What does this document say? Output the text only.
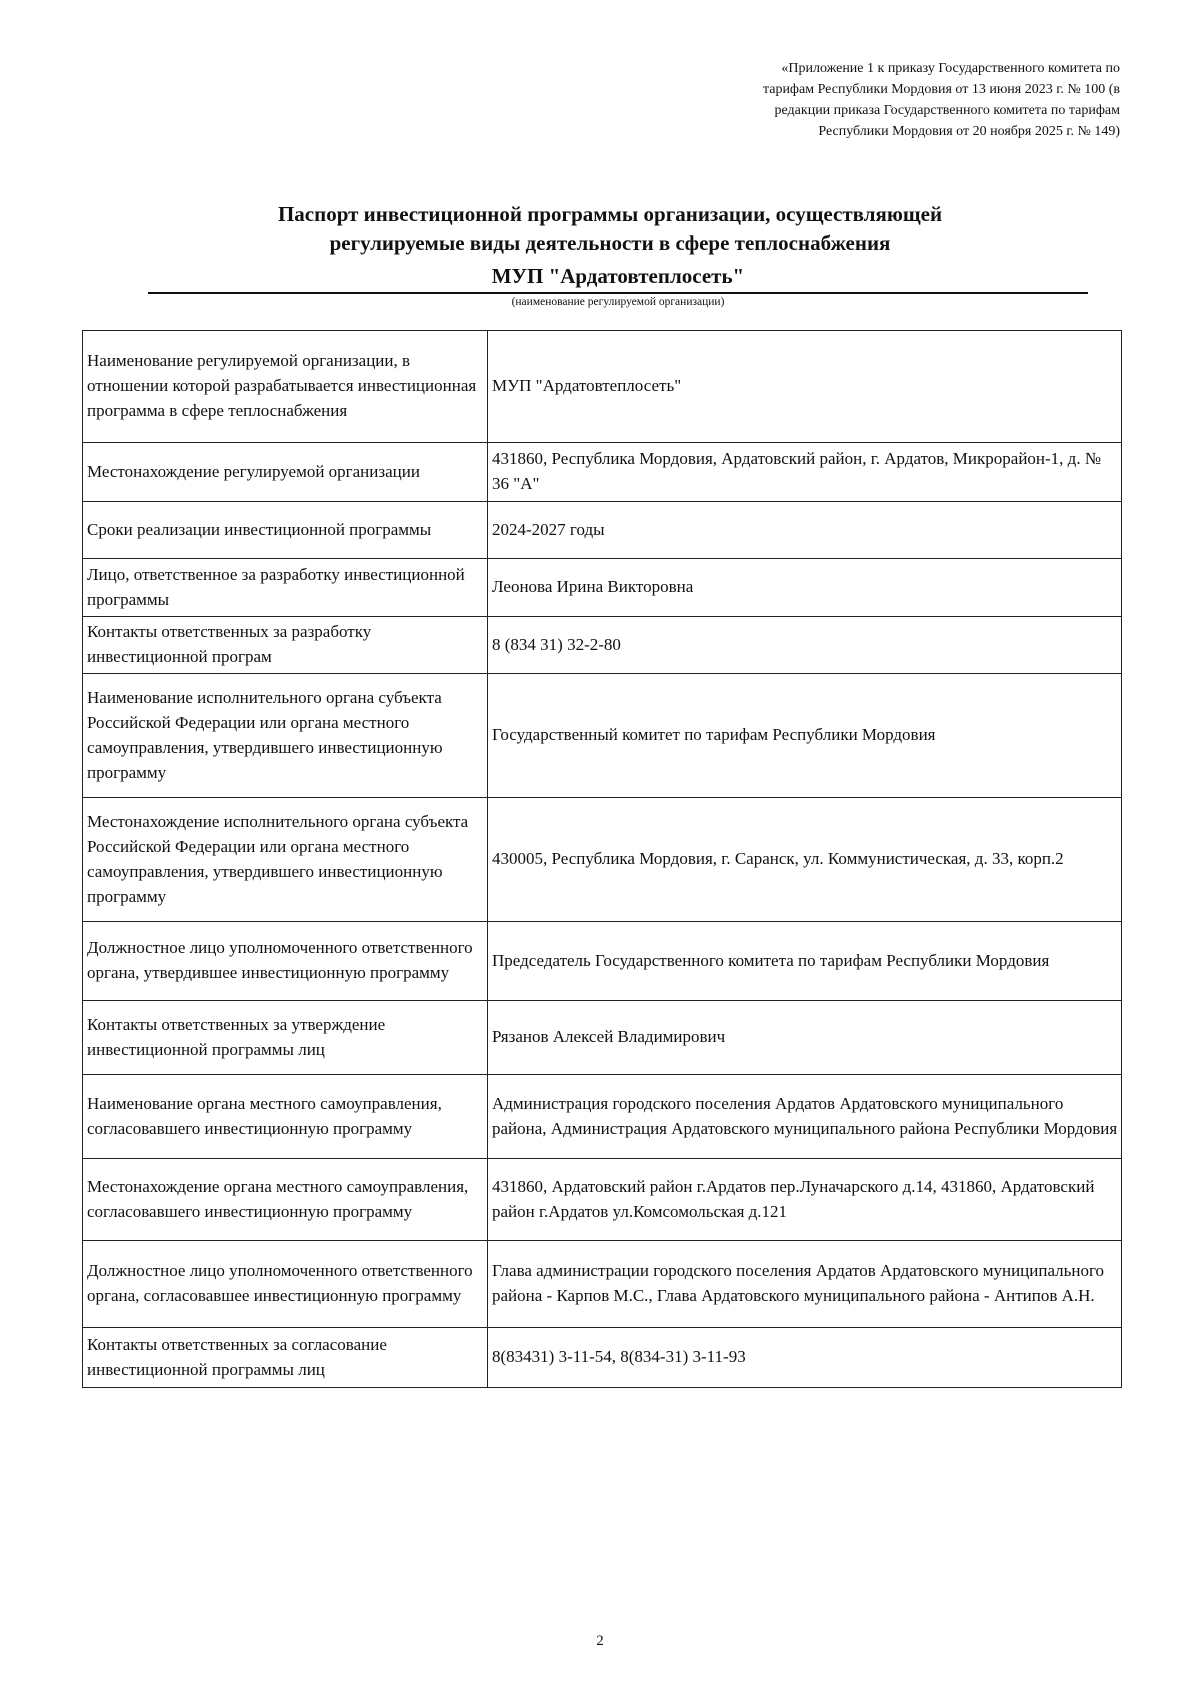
«Приложение 1 к приказу Государственного комитета по
тарифам Республики Мордовия от 13 июня 2023 г. № 100 (в
редакции приказа Государственного комитета по тарифам
Республики Мордовия от 20 ноября 2025 г. № 149)
Паспорт инвестиционной программы организации, осуществляющей
регулируемые виды деятельности в сфере теплоснабжения
МУП "Ардатовтеплосеть"
(наименование регулируемой организации)
Наименование регулируемой организации, в отношении которой разрабатывается инвестиционная программа в сфере теплоснабжения	МУП "Ардатовтеплосеть"
Местонахождение регулируемой организации	431860, Республика Мордовия, Ардатовский район, г. Ардатов, Микрорайон-1, д. № 36 "А"
Сроки реализации инвестиционной программы	2024-2027 годы
Лицо, ответственное за разработку инвестиционной программы	Леонова Ирина Викторовна
Контакты ответственных за разработку инвестиционной програм	8 (834 31) 32-2-80
Наименование исполнительного органа субъекта Российской Федерации или органа местного самоуправления, утвердившего инвестиционную программу	Государственный комитет по тарифам Республики Мордовия
Местонахождение исполнительного органа субъекта Российской Федерации или органа местного самоуправления, утвердившего инвестиционную программу	430005, Республика Мордовия, г. Саранск, ул. Коммунистическая, д. 33, корп.2
Должностное лицо уполномоченного ответственного органа, утвердившее инвестиционную программу	Председатель Государственного комитета по тарифам Республики Мордовия
Контакты ответственных за утверждение инвестиционной программы лиц	Рязанов Алексей Владимирович
Наименование органа местного самоуправления, согласовавшего инвестиционную программу	Администрация городского поселения Ардатов Ардатовского муниципального района, Администрация Ардатовского муниципального района Республики Мордовия
Местонахождение органа местного самоуправления, согласовавшего инвестиционную программу	431860, Ардатовский район г.Ардатов пер.Луначарского д.14, 431860, Ардатовский район г.Ардатов ул.Комсомольская д.121
Должностное лицо уполномоченного ответственного органа, согласовавшее инвестиционную программу	Глава администрации городского поселения Ардатов Ардатовского муниципального района - Карпов М.С., Глава Ардатовского муниципального района - Антипов А.Н.
Контакты ответственных за согласование инвестиционной программы лиц	8(83431) 3-11-54, 8(834-31) 3-11-93
2
